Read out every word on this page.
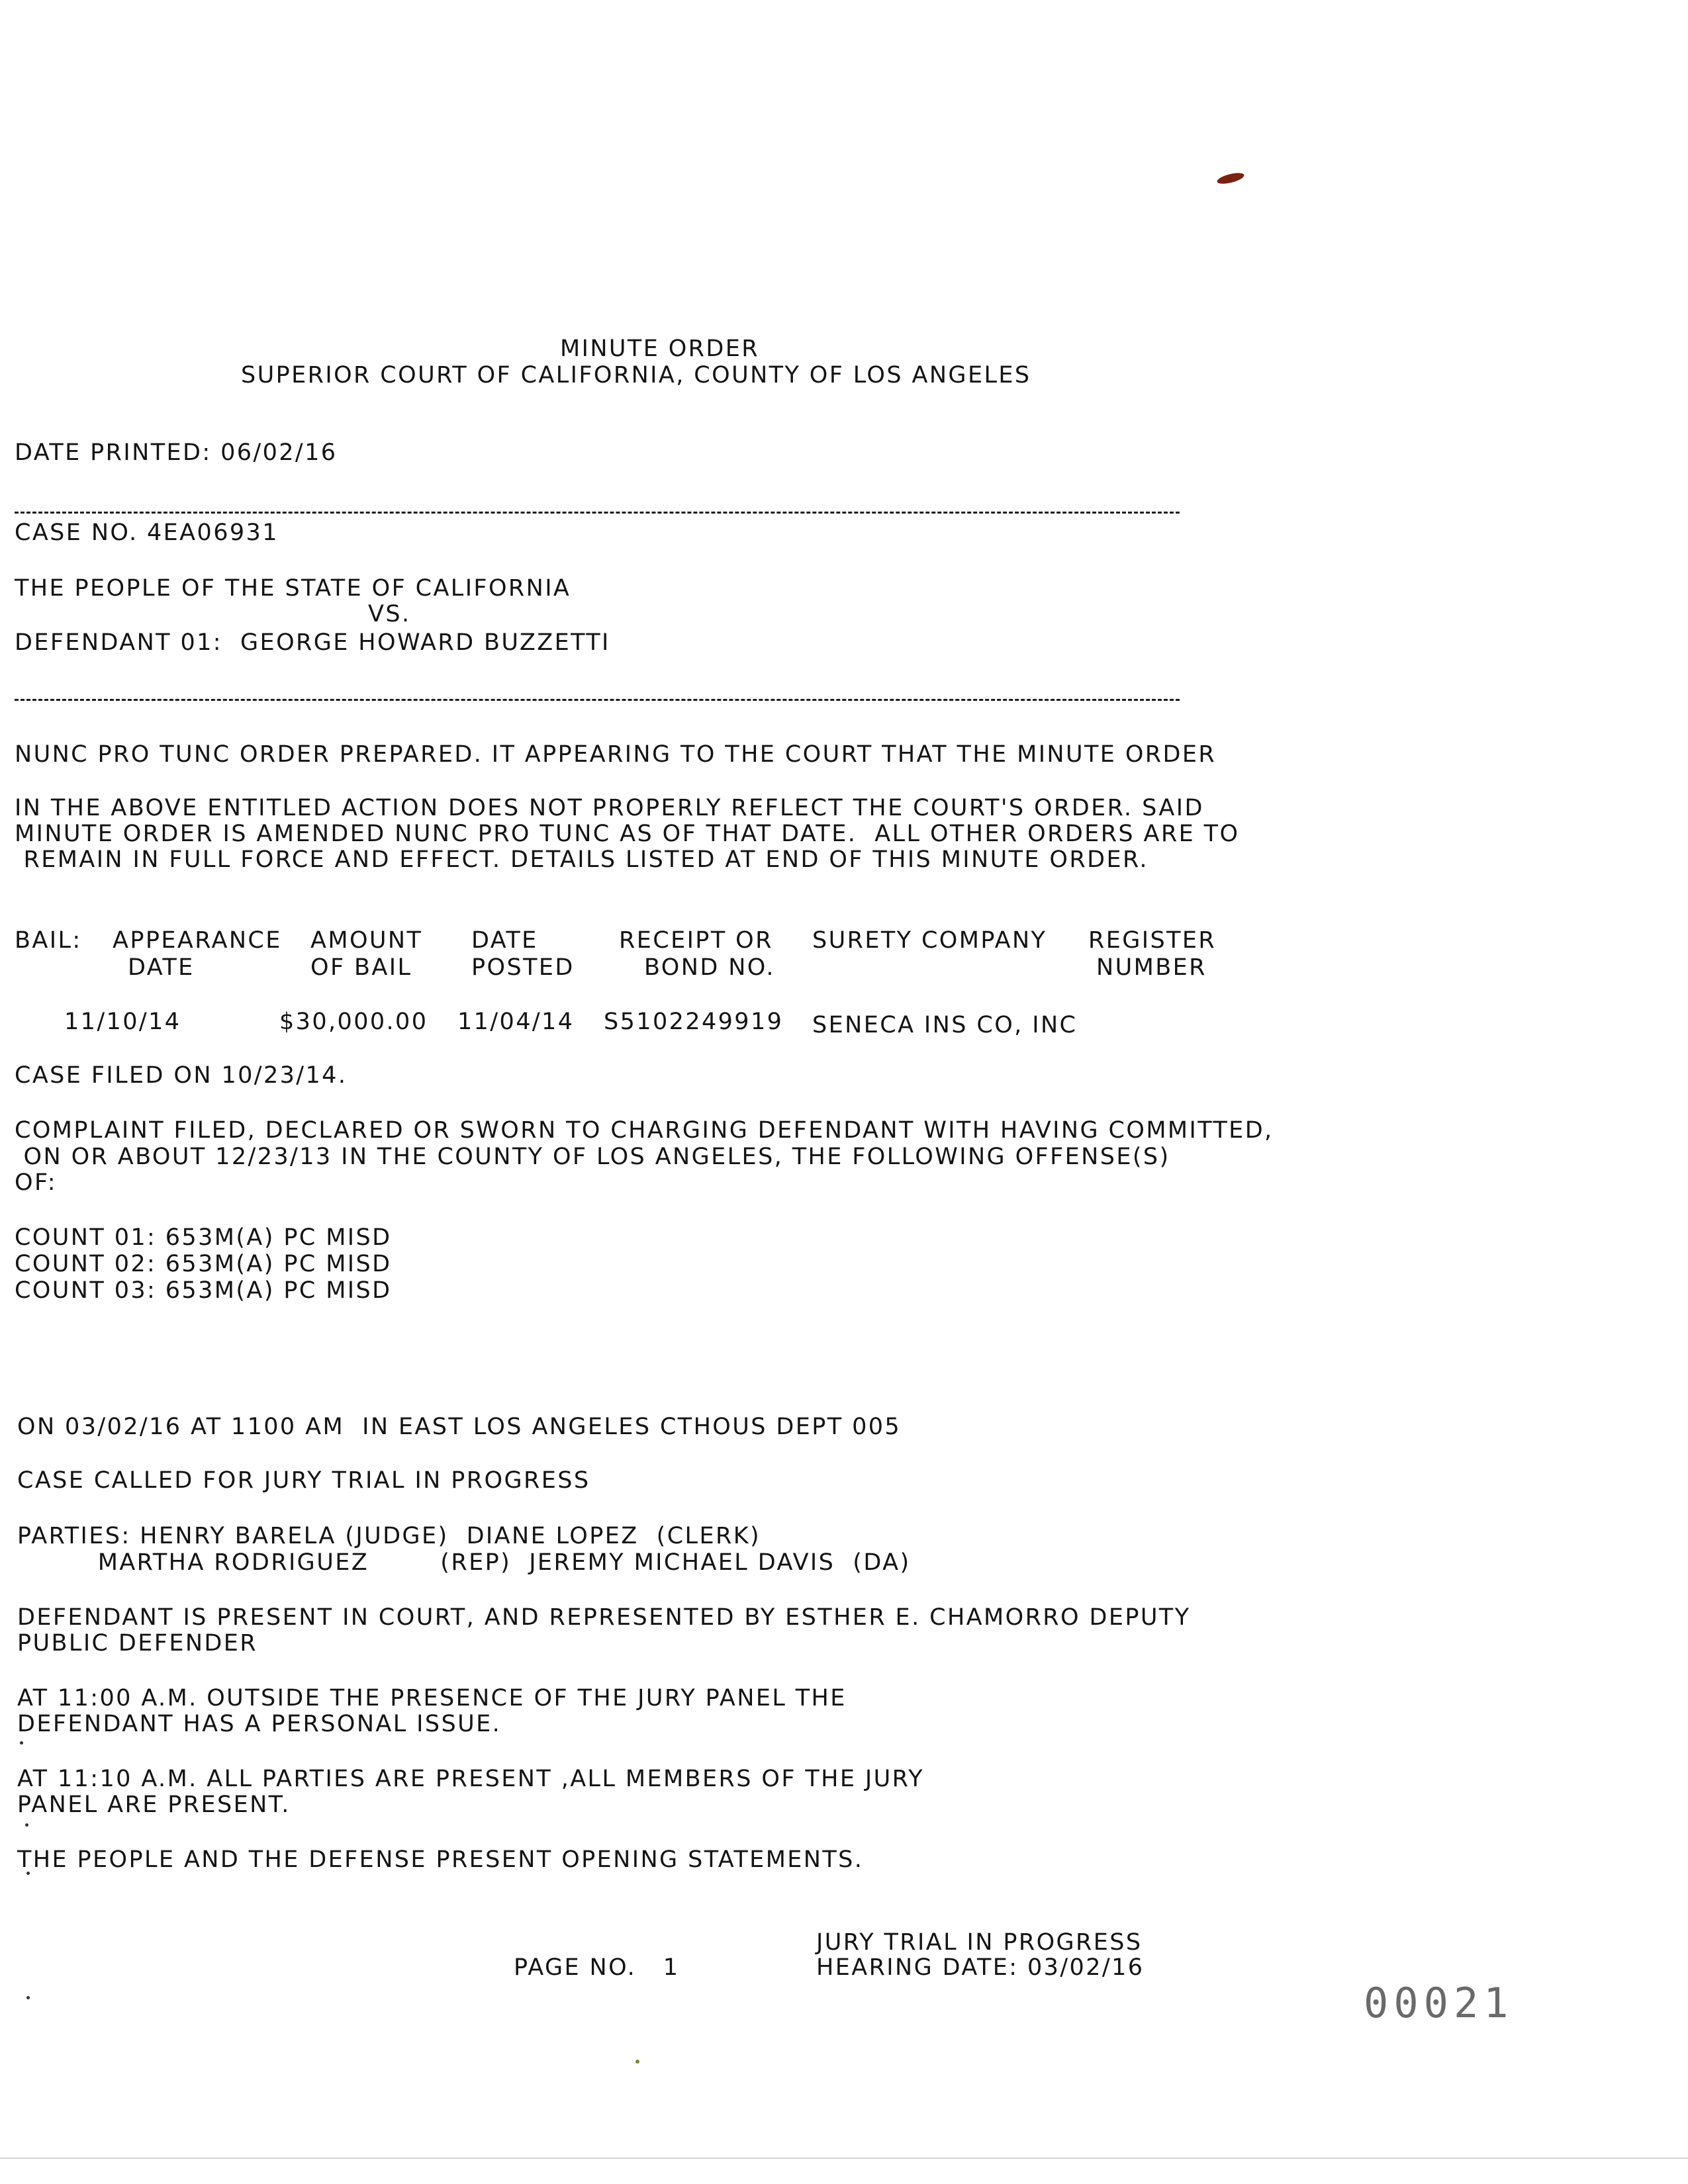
MINUTE ORDER

SUPERIOR COURT OF CALIFORNIA, COUNTY OF LOS ANGELES

DATE PRINTED: 06/02/16

CASE NO. 4EA06931

THE PEOPLE OF THE STATE OF CALIFORNIA

VS.

DEFENDANT 01:  GEORGE HOWARD BUZZETTI

NUNC PRO TUNC ORDER PREPARED. IT APPEARING TO THE COURT THAT THE MINUTE ORDER

IN THE ABOVE ENTITLED ACTION DOES NOT PROPERLY REFLECT THE COURT'S ORDER. SAID

MINUTE ORDER IS AMENDED NUNC PRO TUNC AS OF THAT DATE.  ALL OTHER ORDERS ARE TO

REMAIN IN FULL FORCE AND EFFECT. DETAILS LISTED AT END OF THIS MINUTE ORDER.

BAIL: APPEARANCE

DATE

AMOUNT

OF BAIL

DATE

POSTED

RECEIPT OR

BOND NO.

SURETY COMPANY REGISTER

NUMBER

11/10/14	$30,000.00 11/04/14 S5102249919 SENECA INS CO, INC

CASE FILED ON 10/23/14.

COMPLAINT FILED, DECLARED OR SWORN TO CHARGING DEFENDANT WITH HAVING COMMITTED,

ON OR ABOUT 12/23/13 IN THE COUNTY OF LOS ANGELES, THE FOLLOWING OFFENSE(S)

OF:

COUNT 01: 653M(A) PC MISD

COUNT 02: 653M(A) PC MISD

COUNT 03: 653M(A) PC MISD

ON 03/02/16 AT 1100 AM  IN EAST LOS ANGELES CTHOUS DEPT 005

CASE CALLED FOR JURY TRIAL IN PROGRESS

PARTIES: HENRY BARELA (JUDGE)  DIANE LOPEZ  (CLERK)

MARTHA RODRIGUEZ        (REP)  JEREMY MICHAEL DAVIS  (DA)

DEFENDANT IS PRESENT IN COURT, AND REPRESENTED BY ESTHER E. CHAMORRO DEPUTY

PUBLIC DEFENDER

AT 11:00 A.M. OUTSIDE THE PRESENCE OF THE JURY PANEL THE

DEFENDANT HAS A PERSONAL ISSUE.

AT 11:10 A.M. ALL PARTIES ARE PRESENT ,ALL MEMBERS OF THE JURY

PANEL ARE PRESENT.

THE PEOPLE AND THE DEFENSE PRESENT OPENING STATEMENTS.

JURY TRIAL IN PROGRESS

PAGE NO.   1	HEARING DATE: 03/02/16

00021
